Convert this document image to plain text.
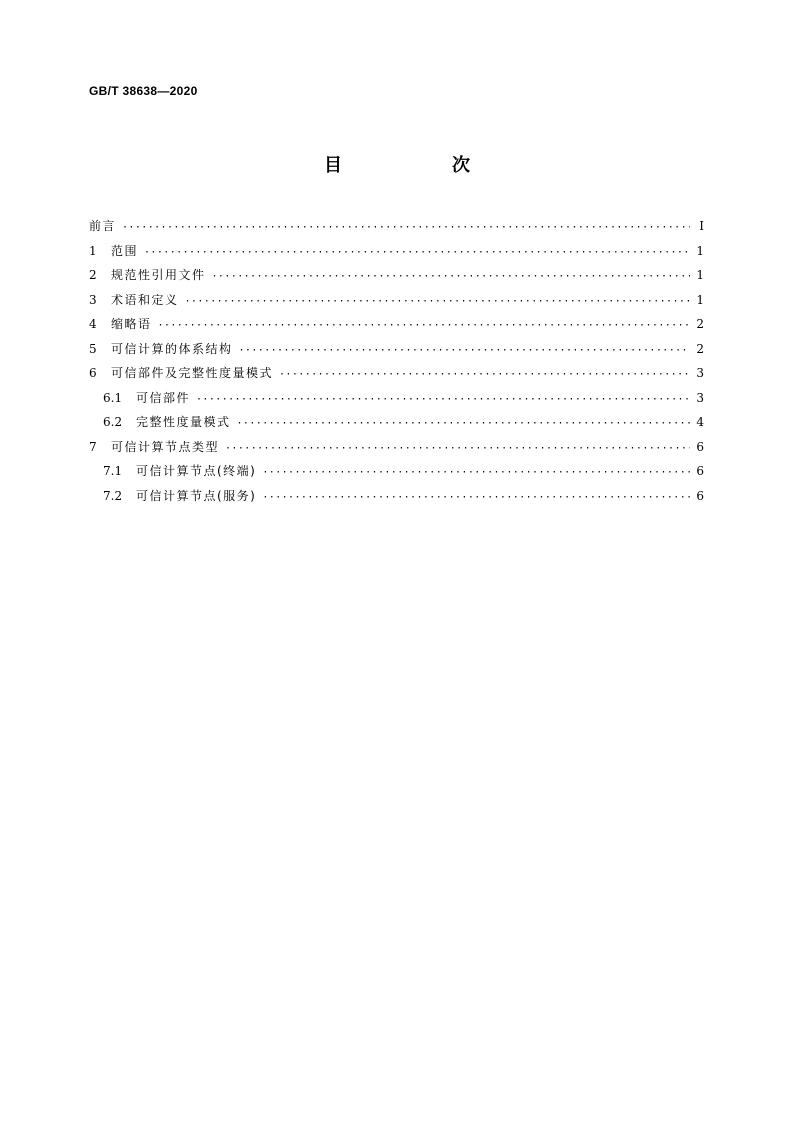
GB/T 38638—2020
目　次
前言 ·····	Ⅰ
1	范围 ·····	1
2	规范性引用文件 ·····	1
3	术语和定义 ·····	1
4	缩略语 ·····	2
5	可信计算的体系结构 ·····	2
6	可信部件及完整性度量模式 ·····	3
6.1	可信部件 ·····	3
6.2	完整性度量模式 ·····	4
7	可信计算节点类型 ·····	6
7.1	可信计算节点(终端) ·····	6
7.2	可信计算节点(服务) ·····	6
